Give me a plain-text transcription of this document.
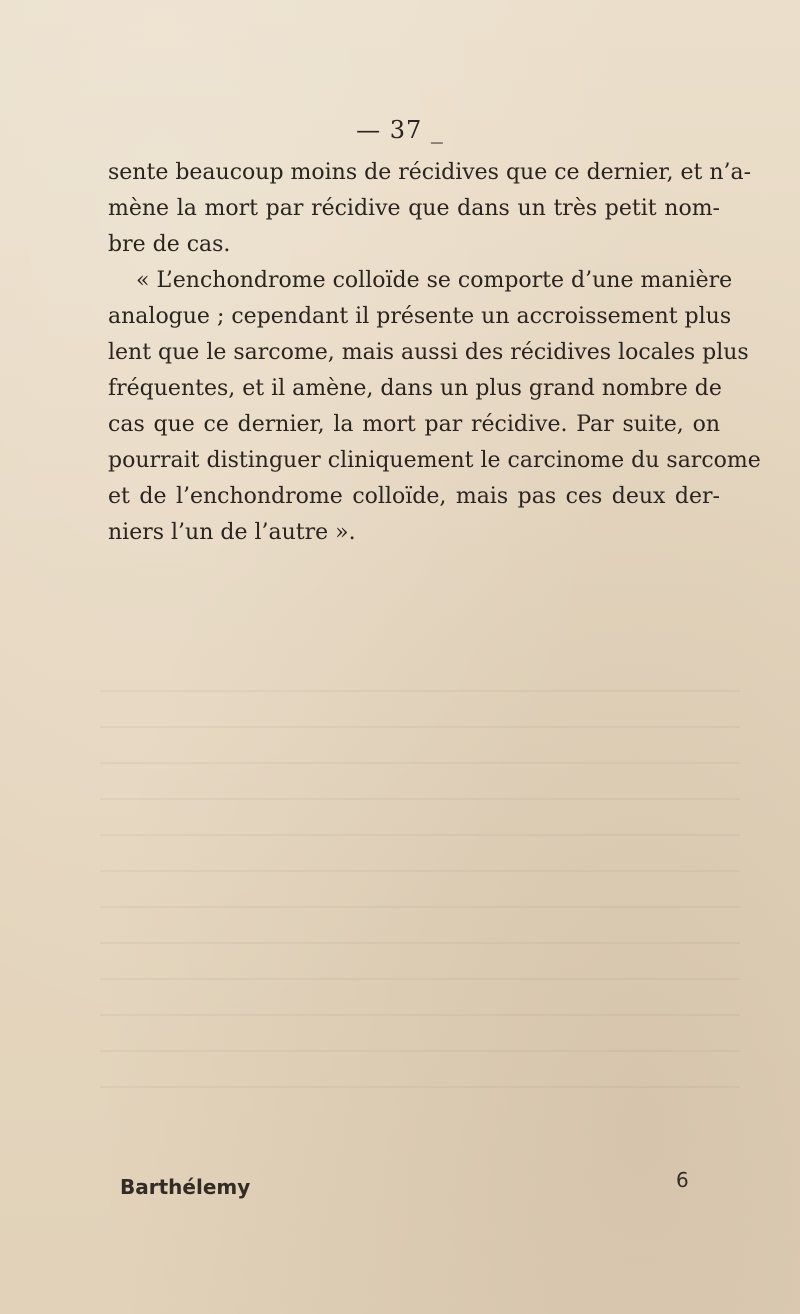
— 37 _
sente beaucoup moins de récidives que ce dernier, et n’a-
mène la mort par récidive que dans un très petit nom-
bre de cas.
« L’enchondrome colloïde se comporte d’une manière
analogue ; cependant il présente un accroissement plus
lent que le sarcome, mais aussi des récidives locales plus
fréquentes, et il amène, dans un plus grand nombre de
cas que ce dernier, la mort par récidive. Par suite, on
pourrait distinguer cliniquement le carcinome du sarcome
et de l’enchondrome colloïde, mais pas ces deux der-
niers l’un de l’autre ».
Barthélemy	6
